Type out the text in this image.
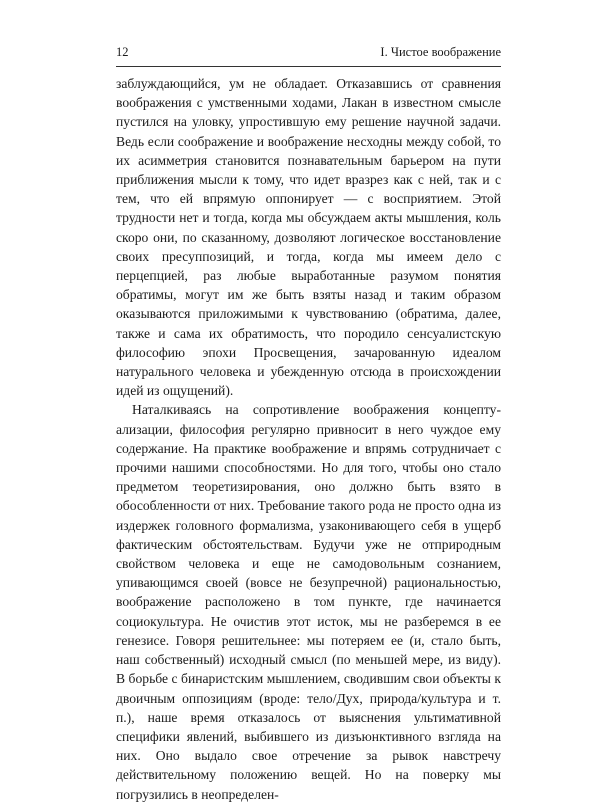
12	I. Чистое воображение

заблуждающийся, ум не обладает. Отказавшись от сравнения воображения с умственными ходами, Лакан в известном смысле пустился на уловку, упростившую ему решение научной задачи. Ведь если соображение и воображение несходны между собой, то их асимметрия становится познавательным барьером на пути приближения мысли к тому, что идет вразрез как с ней, так и с тем, что ей впрямую оппонирует — с восприятием. Этой трудности нет и тогда, когда мы обсуждаем акты мышления, коль скоро они, по сказанному, дозволяют логическое восстановление своих пресуппозиций, и тогда, когда мы имеем дело с перцепцией, раз любые выработанные разумом понятия обратимы, могут им же быть взяты назад и таким образом оказываются приложимыми к чувствованию (обратима, далее, также и сама их обратимость, что породило сенсуалистскую философию эпохи Просвещения, зачарованную идеалом натурального человека и убежденную отсюда в происхождении идей из ощущений).

Наталкиваясь на сопротивление воображения концептуализации, философия регулярно привносит в него чуждое ему содержание. На практике воображение и впрямь сотрудничает с прочими нашими способностями. Но для того, чтобы оно стало предметом теоретизирования, оно должно быть взято в обособленности от них. Требование такого рода не просто одна из издержек головного формализма, узаконивающего себя в ущерб фактическим обстоятельствам. Будучи уже не отприродным свойством человека и еще не самодовольным сознанием, упивающимся своей (вовсе не безупречной) рациональностью, воображение расположено в том пункте, где начинается социокультура. Не очистив этот исток, мы не разберемся в ее генезисе. Говоря решительнее: мы потеряем ее (и, стало быть, наш собственный) исходный смысл (по меньшей мере, из виду). В борьбе с бинаристским мышлением, сводившим свои объекты к двоичным оппозициям (вроде: тело/Дух, природа/культура и т. п.), наше время отказалось от выяснения ультимативной специфики явлений, выбившего из дизъюнктивного взгляда на них. Оно выдало свое отречение за рывок навстречу действительному положению вещей. Но на поверку мы погрузились в неопределен-
